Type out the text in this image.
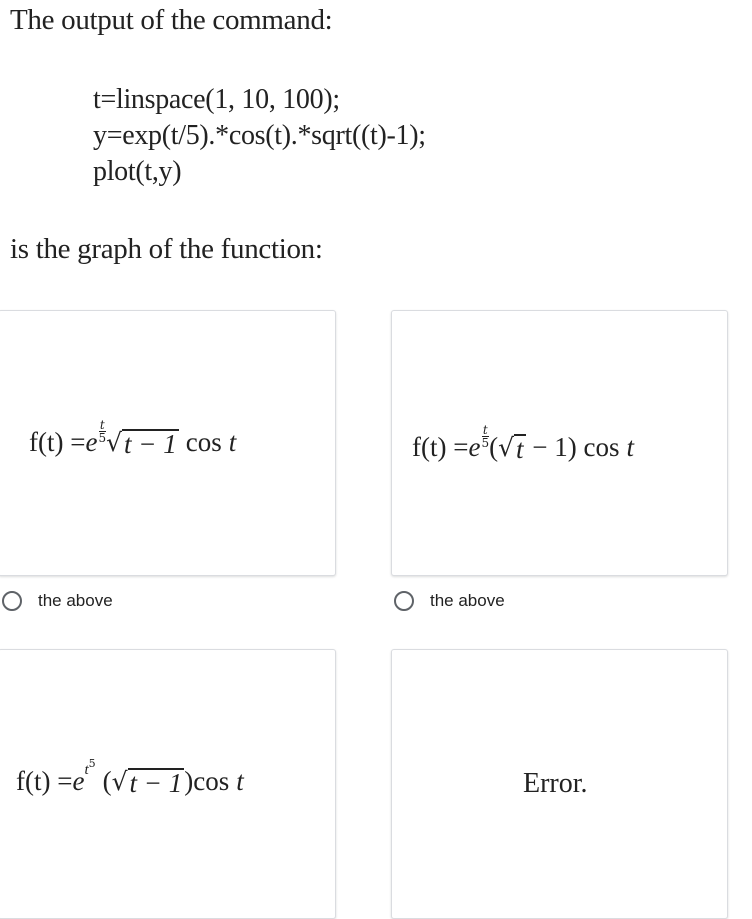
The output of the command:
t=linspace(1, 10, 100);
y=exp(t/5).*cos(t).*sqrt((t)-1);
plot(t,y)
is the graph of the function:
f(t) = e $\frac{t}{5}$ √ t − 1 cos t	f(t) = e $\frac{t}{5}$ ( √ t − 1) cos t
the above	the above
f(t) = e t 5
( √ t − 1 ) cos t	Error.
